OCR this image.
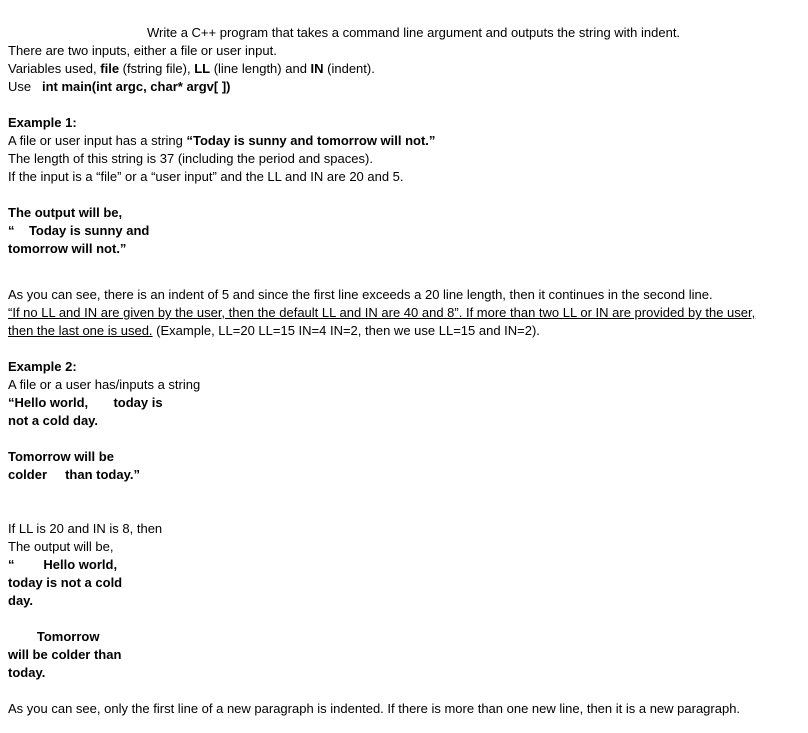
Write a C++ program that takes a command line argument and outputs the string with indent.
There are two inputs, either a file or user input.
Variables used, file (fstring file), LL (line length) and IN (indent).
Use   int main(int argc, char* argv[ ])
Example 1:
A file or user input has a string “Today is sunny and tomorrow will not.”
The length of this string is 37 (including the period and spaces).
If the input is a “file” or a “user input” and the LL and IN are 20 and 5.
The output will be,
“    Today is sunny and
tomorrow will not.”
As you can see, there is an indent of 5 and since the first line exceeds a 20 line length, then it continues in the second line.
“If no LL and IN are given by the user, then the default LL and IN are 40 and 8”. If more than two LL or IN are provided by the user,
then the last one is used. (Example, LL=20 LL=15 IN=4 IN=2, then we use LL=15 and IN=2).
Example 2:
A file or a user has/inputs a string
“Hello world,       today is
not a cold day.
Tomorrow will be
colder     than today.”
If LL is 20 and IN is 8, then
The output will be,
“        Hello world,
today is not a cold
day.
Tomorrow
will be colder than
today.
As you can see, only the first line of a new paragraph is indented. If there is more than one new line, then it is a new paragraph.
